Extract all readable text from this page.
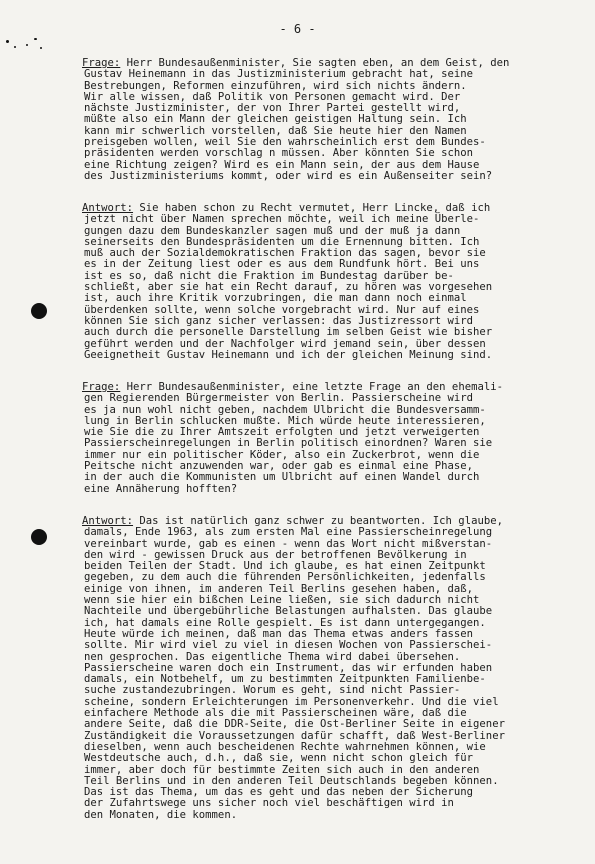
- 6 -
Frage: Herr Bundesaußenminister, Sie sagten eben, an dem Geist, den
Gustav Heinemann in das Justizministerium gebracht hat, seine
Bestrebungen, Reformen einzuführen, wird sich nichts ändern.
Wir alle wissen, daß Politik von Personen gemacht wird. Der
nächste Justizminister, der von Ihrer Partei gestellt wird,
müßte also ein Mann der gleichen geistigen Haltung sein. Ich
kann mir schwerlich vorstellen, daß Sie heute hier den Namen
preisgeben wollen, weil Sie den wahrscheinlich erst dem Bundes-
präsidenten werden vorschlag n müssen. Aber könnten Sie schon
eine Richtung zeigen? Wird es ein Mann sein, der aus dem Hause
des Justizministeriums kommt, oder wird es ein Außenseiter sein?
Antwort: Sie haben schon zu Recht vermutet, Herr Lincke, daß ich
jetzt nicht über Namen sprechen möchte, weil ich meine Überle-
gungen dazu dem Bundeskanzler sagen muß und der muß ja dann
seinerseits den Bundespräsidenten um die Ernennung bitten. Ich
muß auch der Sozialdemokratischen Fraktion das sagen, bevor sie
es in der Zeitung liest oder es aus dem Rundfunk hört. Bei uns
ist es so, daß nicht die Fraktion im Bundestag darüber be-
schließt, aber sie hat ein Recht darauf, zu hören was vorgesehen
ist, auch ihre Kritik vorzubringen, die man dann noch einmal
überdenken sollte, wenn solche vorgebracht wird. Nur auf eines
können Sie sich ganz sicher verlassen: das Justizressort wird
auch durch die personelle Darstellung im selben Geist wie bisher
geführt werden und der Nachfolger wird jemand sein, über dessen
Geeignetheit Gustav Heinemann und ich der gleichen Meinung sind.
Frage: Herr Bundesaußenminister, eine letzte Frage an den ehemali-
gen Regierenden Bürgermeister von Berlin. Passierscheine wird
es ja nun wohl nicht geben, nachdem Ulbricht die Bundesversamm-
lung in Berlin schlucken mußte. Mich würde heute interessieren,
wie Sie die zu Ihrer Amtszeit erfolgten und jetzt verweigerten
Passierscheinregelungen in Berlin politisch einordnen? Waren sie
immer nur ein politischer Köder, also ein Zuckerbrot, wenn die
Peitsche nicht anzuwenden war, oder gab es einmal eine Phase,
in der auch die Kommunisten um Ulbricht auf einen Wandel durch
eine Annäherung hofften?
Antwort: Das ist natürlich ganz schwer zu beantworten. Ich glaube,
damals, Ende 1963, als zum ersten Mal eine Passierscheinregelung
vereinbart wurde, gab es einen - wenn das Wort nicht mißverstan-
den wird - gewissen Druck aus der betroffenen Bevölkerung in
beiden Teilen der Stadt. Und ich glaube, es hat einen Zeitpunkt
gegeben, zu dem auch die führenden Persönlichkeiten, jedenfalls
einige von ihnen, im anderen Teil Berlins gesehen haben, daß,
wenn sie hier ein bißchen Leine ließen, sie sich dadurch nicht
Nachteile und übergebührliche Belastungen aufhalsten. Das glaube
ich, hat damals eine Rolle gespielt. Es ist dann untergegangen.
Heute würde ich meinen, daß man das Thema etwas anders fassen
sollte. Mir wird viel zu viel in diesen Wochen von Passierschei-
nen gesprochen. Das eigentliche Thema wird dabei übersehen.
Passierscheine waren doch ein Instrument, das wir erfunden haben
damals, ein Notbehelf, um zu bestimmten Zeitpunkten Familienbe-
suche zustandezubringen. Worum es geht, sind nicht Passier-
scheine, sondern Erleichterungen im Personenverkehr. Und die viel
einfachere Methode als die mit Passierscheinen wäre, daß die
andere Seite, daß die DDR-Seite, die Ost-Berliner Seite in eigener
Zuständigkeit die Voraussetzungen dafür schafft, daß West-Berliner
dieselben, wenn auch bescheidenen Rechte wahrnehmen können, wie
Westdeutsche auch, d.h., daß sie, wenn nicht schon gleich für
immer, aber doch für bestimmte Zeiten sich auch in den anderen
Teil Berlins und in den anderen Teil Deutschlands begeben können.
Das ist das Thema, um das es geht und das neben der Sicherung
der Zufahrtswege uns sicher noch viel beschäftigen wird in
den Monaten, die kommen.
